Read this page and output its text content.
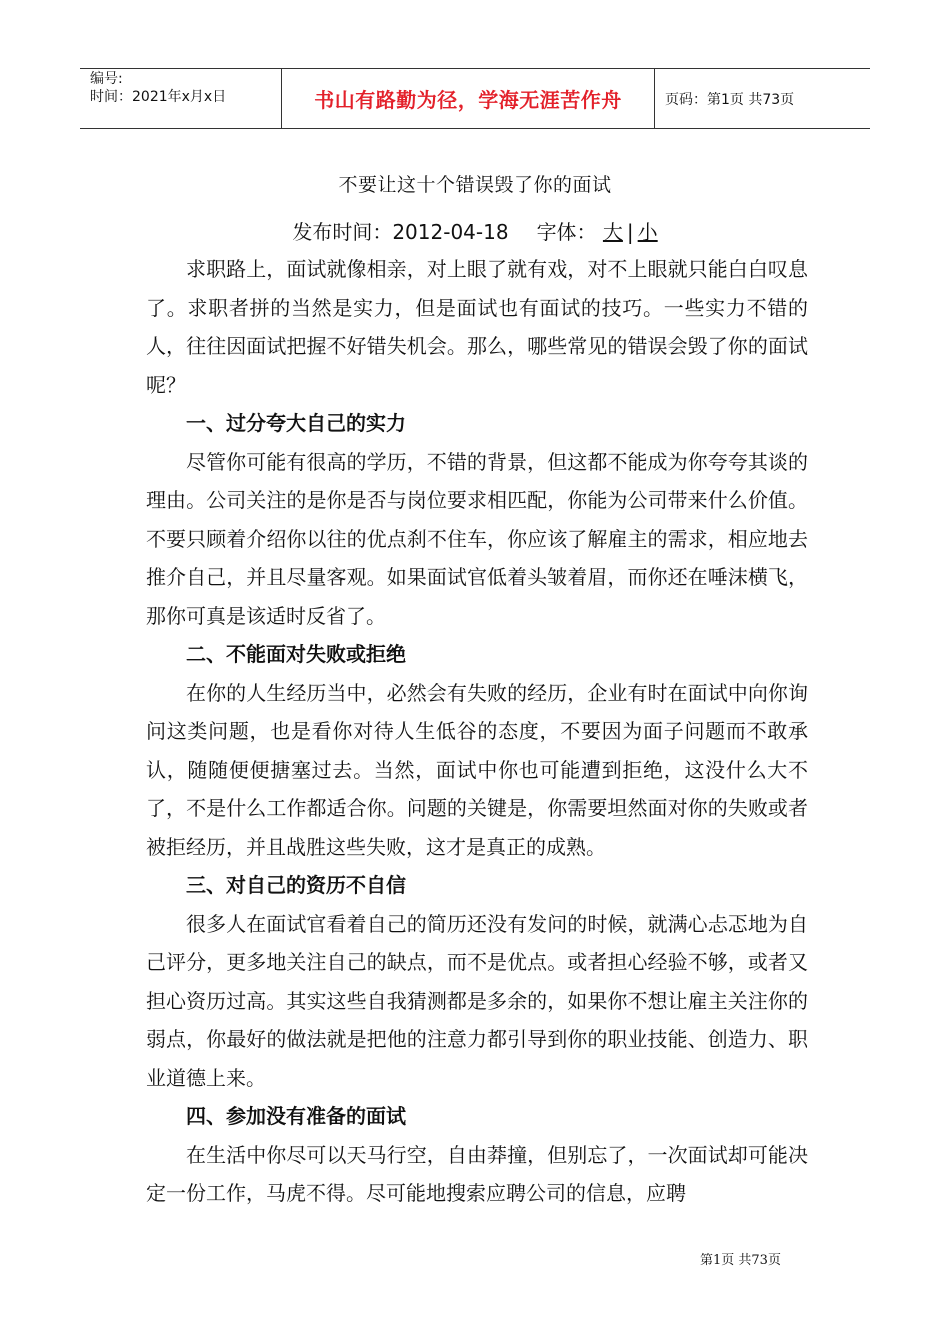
编号:
时间：2021年x月x日	书山有路勤为径，学海无涯苦作舟	页码：第1页 共73页
不要让这十个错误毁了你的面试
发布时间：2012-04-18 字体： 大 | 小

求职路上，面试就像相亲，对上眼了就有戏，对不上眼就只能白白叹息了。求职者拼的当然是实力，但是面试也有面试的技巧。一些实力不错的人，往往因面试把握不好错失机会。那么，哪些常见的错误会毁了你的面试呢？

一、过分夸大自己的实力

尽管你可能有很高的学历，不错的背景，但这都不能成为你夸夸其谈的理由。公司关注的是你是否与岗位要求相匹配，你能为公司带来什么价值。不要只顾着介绍你以往的优点刹不住车，你应该了解雇主的需求，相应地去推介自己，并且尽量客观。如果面试官低着头皱着眉，而你还在唾沫横飞，那你可真是该适时反省了。

二、不能面对失败或拒绝

在你的人生经历当中，必然会有失败的经历，企业有时在面试中向你询问这类问题，也是看你对待人生低谷的态度，不要因为面子问题而不敢承认，随随便便搪塞过去。当然，面试中你也可能遭到拒绝，这没什么大不了，不是什么工作都适合你。问题的关键是，你需要坦然面对你的失败或者被拒经历，并且战胜这些失败，这才是真正的成熟。

三、对自己的资历不自信

很多人在面试官看着自己的简历还没有发问的时候，就满心忐忑地为自己评分，更多地关注自己的缺点，而不是优点。或者担心经验不够，或者又担心资历过高。其实这些自我猜测都是多余的，如果你不想让雇主关注你的弱点，你最好的做法就是把他的注意力都引导到你的职业技能、创造力、职业道德上来。

四、参加没有准备的面试

在生活中你尽可以天马行空，自由莽撞，但别忘了，一次面试却可能决定一份工作，马虎不得。尽可能地搜索应聘公司的信息，应聘

第1页 共73页
